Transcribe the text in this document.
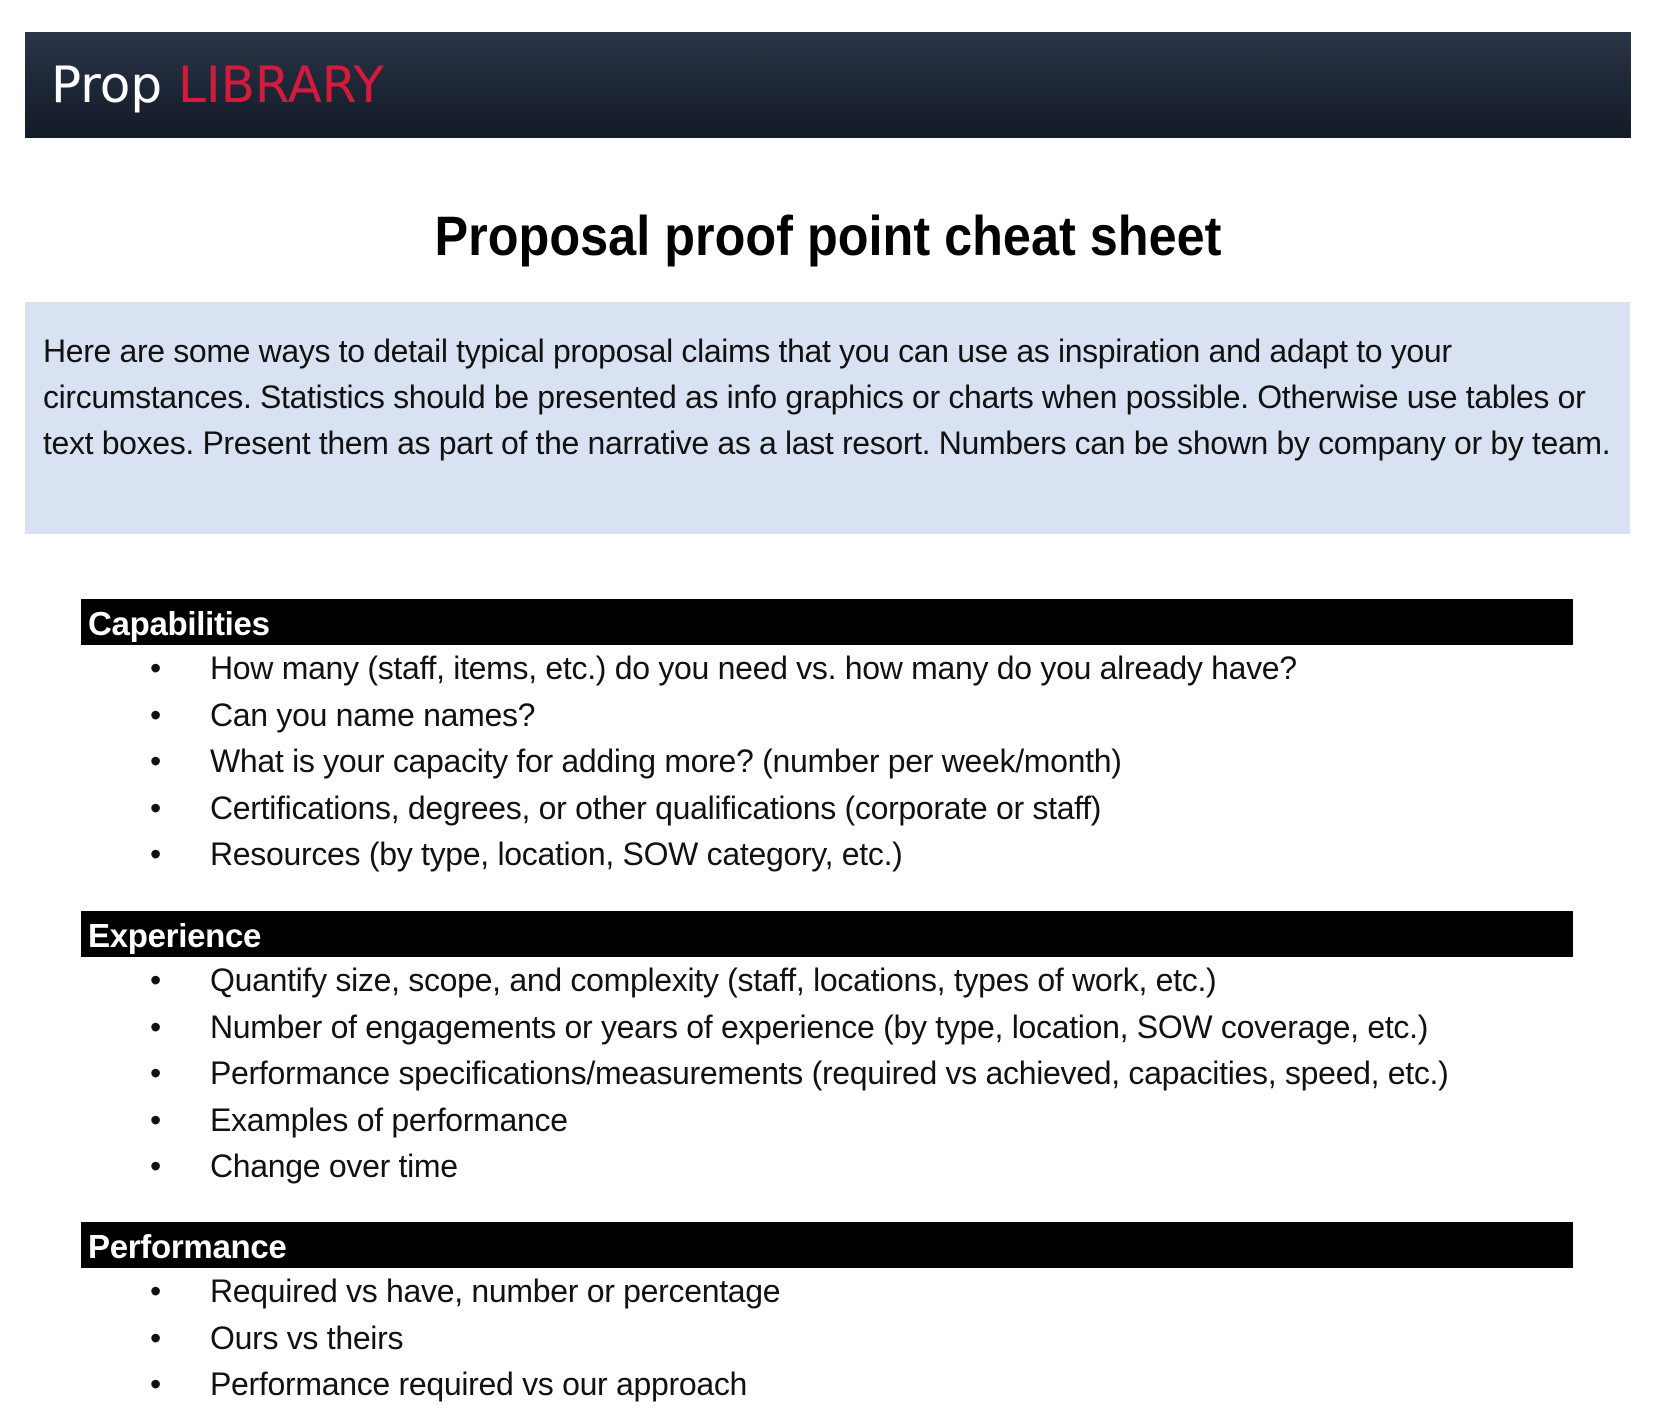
Prop LIBRARY
Proposal proof point cheat sheet

Here are some ways to detail typical proposal claims that you can use as inspiration and adapt to your circumstances. Statistics should be presented as info graphics or charts when possible. Otherwise use tables or text boxes. Present them as part of the narrative as a last resort. Numbers can be shown by company or by team.

Capabilities
• How many (staff, items, etc.) do you need vs. how many do you already have?
• Can you name names?
• What is your capacity for adding more? (number per week/month)
• Certifications, degrees, or other qualifications (corporate or staff)
• Resources (by type, location, SOW category, etc.)
Experience
• Quantify size, scope, and complexity (staff, locations, types of work, etc.)
• Number of engagements or years of experience (by type, location, SOW coverage, etc.)
• Performance specifications/measurements (required vs achieved, capacities, speed, etc.)
• Examples of performance
• Change over time
Performance
• Required vs have, number or percentage
• Ours vs theirs
• Performance required vs our approach
